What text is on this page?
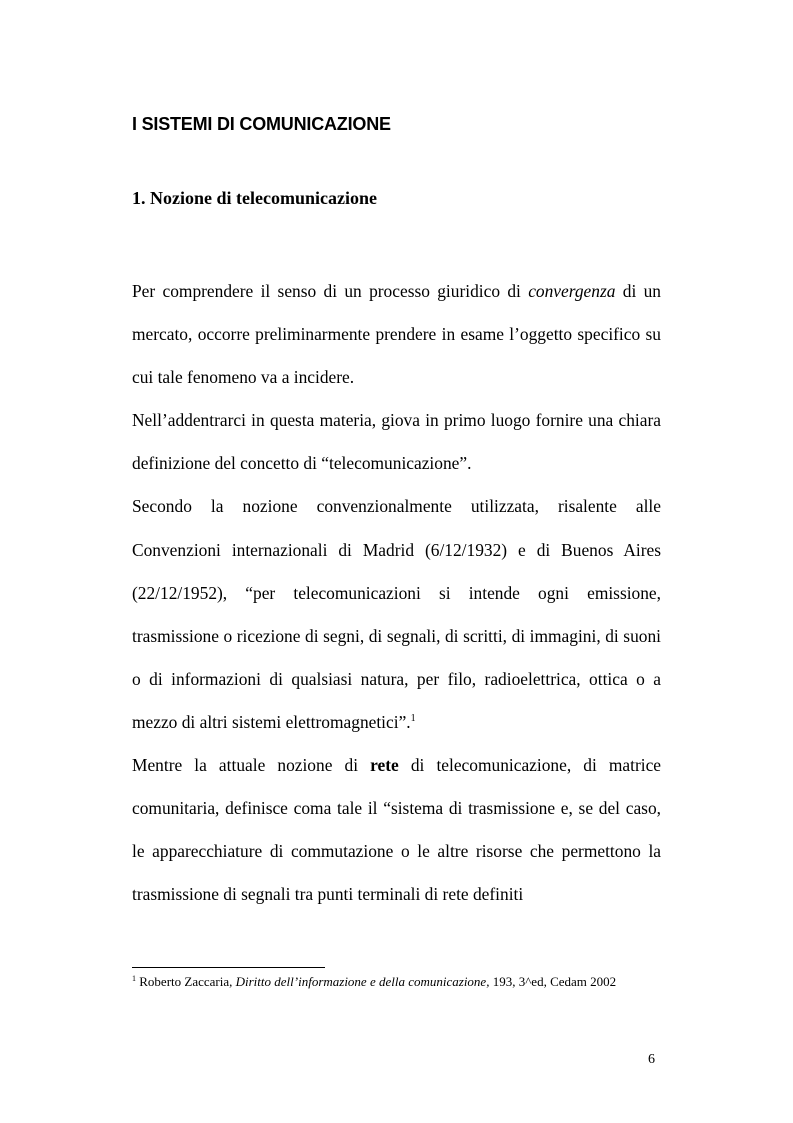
I SISTEMI DI COMUNICAZIONE
1. Nozione di telecomunicazione

Per comprendere il senso di un processo giuridico di convergenza di un mercato, occorre preliminarmente prendere in esame l’oggetto specifico su cui tale fenomeno va a incidere.

Nell’addentrarci in questa materia, giova in primo luogo fornire una chiara definizione del concetto di “telecomunicazione”.

Secondo la nozione convenzionalmente utilizzata, risalente alle Convenzioni internazionali di Madrid (6/12/1932) e di Buenos Aires (22/12/1952), “per telecomunicazioni si intende ogni emissione, trasmissione o ricezione di segni, di segnali, di scritti, di immagini, di suoni o di informazioni di qualsiasi natura, per filo, radioelettrica, ottica o a mezzo di altri sistemi elettromagnetici”.$^1$

Mentre la attuale nozione di rete di telecomunicazione, di matrice comunitaria, definisce coma tale il “sistema di trasmissione e, se del caso, le apparecchiature di commutazione o le altre risorse che permettono la trasmissione di segnali tra punti terminali di rete definiti

$^1$ Roberto Zaccaria, Diritto dell’informazione e della comunicazione, 193, 3^ed, Cedam 2002

6
